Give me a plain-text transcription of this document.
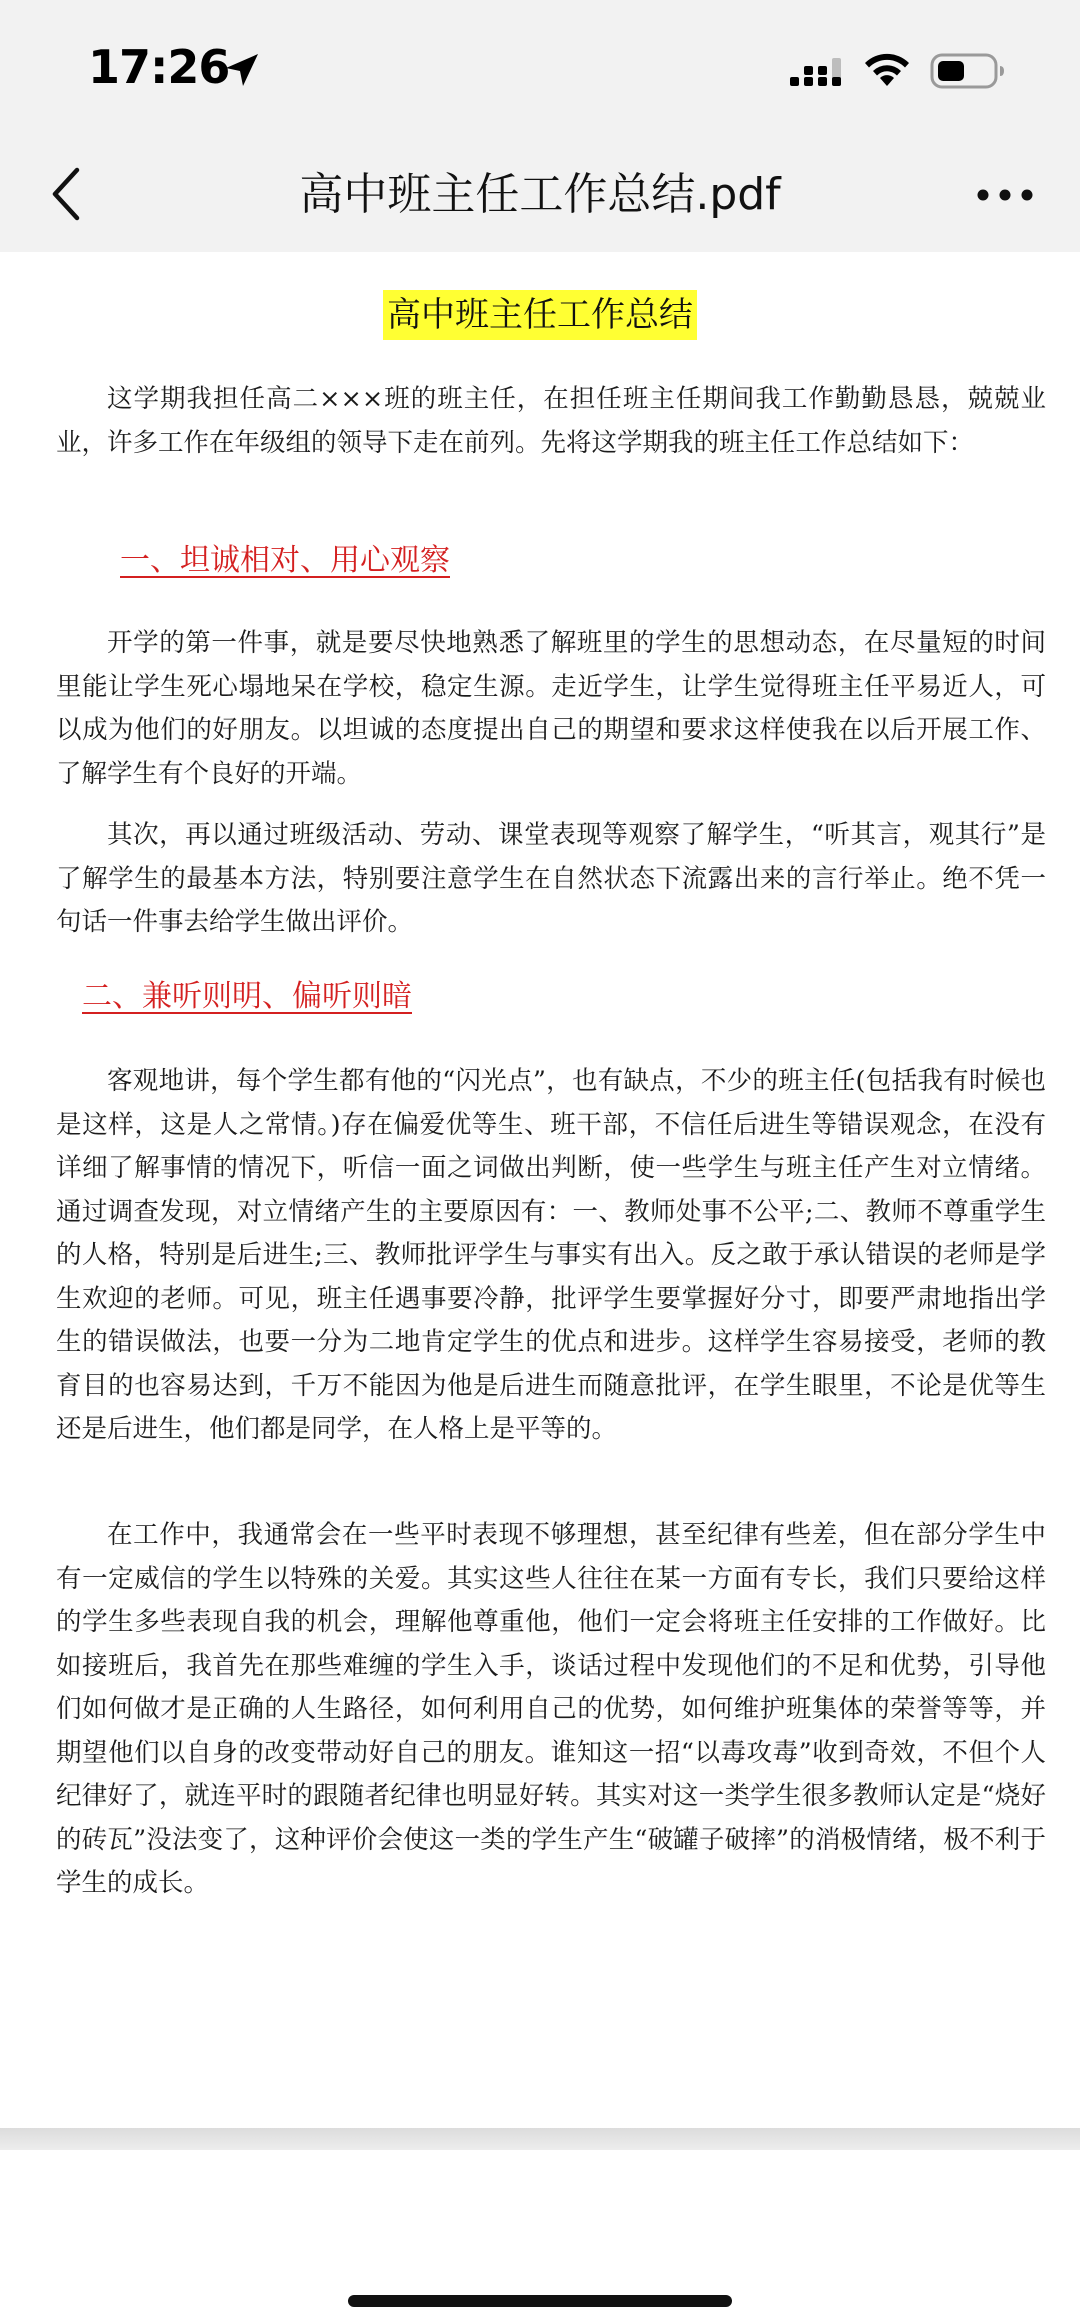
17:26
高中班主任工作总结.pdf
高中班主任工作总结

这学期我担任高二×××班的班主任，在担任班主任期间我工作勤勤恳恳，兢兢业业，许多工作在年级组的领导下走在前列。先将这学期我的班主任工作总结如下：

一、坦诚相对、用心观察

开学的第一件事，就是要尽快地熟悉了解班里的学生的思想动态，在尽量短的时间里能让学生死心塌地呆在学校，稳定生源。走近学生，让学生觉得班主任平易近人，可以成为他们的好朋友。以坦诚的态度提出自己的期望和要求这样使我在以后开展工作、了解学生有个良好的开端。

其次，再以通过班级活动、劳动、课堂表现等观察了解学生，“听其言，观其行”是了解学生的最基本方法，特别要注意学生在自然状态下流露出来的言行举止。绝不凭一句话一件事去给学生做出评价。

二、兼听则明、偏听则暗

客观地讲，每个学生都有他的“闪光点”，也有缺点，不少的班主任(包括我有时候也是这样，这是人之常情。)存在偏爱优等生、班干部，不信任后进生等错误观念，在没有详细了解事情的情况下，听信一面之词做出判断，使一些学生与班主任产生对立情绪。通过调查发现，对立情绪产生的主要原因有：一、教师处事不公平;二、教师不尊重学生的人格，特别是后进生;三、教师批评学生与事实有出入。反之敢于承认错误的老师是学生欢迎的老师。可见，班主任遇事要冷静，批评学生要掌握好分寸，即要严肃地指出学生的错误做法，也要一分为二地肯定学生的优点和进步。这样学生容易接受，老师的教育目的也容易达到，千万不能因为他是后进生而随意批评，在学生眼里，不论是优等生还是后进生，他们都是同学，在人格上是平等的。

在工作中，我通常会在一些平时表现不够理想，甚至纪律有些差，但在部分学生中有一定威信的学生以特殊的关爱。其实这些人往往在某一方面有专长，我们只要给这样的学生多些表现自我的机会，理解他尊重他，他们一定会将班主任安排的工作做好。比如接班后，我首先在那些难缠的学生入手，谈话过程中发现他们的不足和优势，引导他们如何做才是正确的人生路径，如何利用自己的优势，如何维护班集体的荣誉等等，并期望他们以自身的改变带动好自己的朋友。谁知这一招“以毒攻毒”收到奇效，不但个人纪律好了，就连平时的跟随者纪律也明显好转。其实对这一类学生很多教师认定是“烧好的砖瓦”没法变了，这种评价会使这一类的学生产生“破罐子破摔”的消极情绪，极不利于学生的成长。
